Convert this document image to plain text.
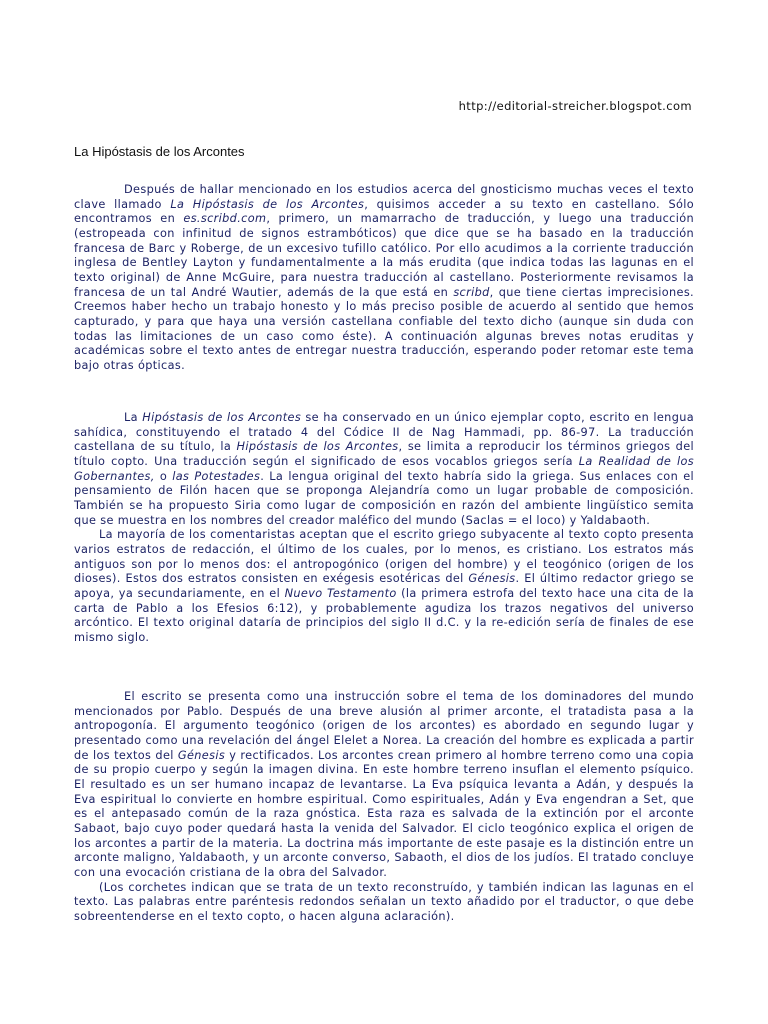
http://editorial-streicher.blogspot.com
La Hipóstasis de los Arcontes

Después de hallar mencionado en los estudios acerca del gnosticismo muchas veces el texto clave llamado La Hipóstasis de los Arcontes, quisimos acceder a su texto en castellano. Sólo encontramos en es.scribd.com, primero, un mamarracho de traducción, y luego una traducción (estropeada con infinitud de signos estrambóticos) que dice que se ha basado en la traducción francesa de Barc y Roberge, de un excesivo tufillo católico. Por ello acudimos a la corriente traducción inglesa de Bentley Layton y fundamentalmente a la más erudita (que indica todas las lagunas en el texto original) de Anne McGuire, para nuestra traducción al castellano. Posteriormente revisamos la francesa de un tal André Wautier, además de la que está en scribd, que tiene ciertas imprecisiones. Creemos haber hecho un trabajo honesto y lo más preciso posible de acuerdo al sentido que hemos capturado, y para que haya una versión castellana confiable del texto dicho (aunque sin duda con todas las limitaciones de un caso como éste). A continuación algunas breves notas eruditas y académicas sobre el texto antes de entregar nuestra traducción, esperando poder retomar este tema bajo otras ópticas.

La Hipóstasis de los Arcontes se ha conservado en un único ejemplar copto, escrito en lengua sahídica, constituyendo el tratado 4 del Códice II de Nag Hammadi, pp. 86-97. La traducción castellana de su título, la Hipóstasis de los Arcontes, se limita a reproducir los términos griegos del título copto. Una traducción según el significado de esos vocablos griegos sería La Realidad de los Gobernantes, o las Potestades. La lengua original del texto habría sido la griega. Sus enlaces con el pensamiento de Filón hacen que se proponga Alejandría como un lugar probable de composición. También se ha propuesto Siria como lugar de composición en razón del ambiente lingüístico semita que se muestra en los nombres del creador maléfico del mundo (Saclas = el loco) y Yaldabaoth.

La mayoría de los comentaristas aceptan que el escrito griego subyacente al texto copto presenta varios estratos de redacción, el último de los cuales, por lo menos, es cristiano. Los estratos más antiguos son por lo menos dos: el antropogónico (origen del hombre) y el teogónico (origen de los dioses). Estos dos estratos consisten en exégesis esotéricas del Génesis. El último redactor griego se apoya, ya secundariamente, en el Nuevo Testamento (la primera estrofa del texto hace una cita de la carta de Pablo a los Efesios 6:12), y probablemente agudiza los trazos negativos del universo arcóntico. El texto original dataría de principios del siglo II d.C. y la re-edición sería de finales de ese mismo siglo.

El escrito se presenta como una instrucción sobre el tema de los dominadores del mundo mencionados por Pablo. Después de una breve alusión al primer arconte, el tratadista pasa a la antropogonía. El argumento teogónico (origen de los arcontes) es abordado en segundo lugar y presentado como una revelación del ángel Elelet a Norea. La creación del hombre es explicada a partir de los textos del Génesis y rectificados. Los arcontes crean primero al hombre terreno como una copia de su propio cuerpo y según la imagen divina. En este hombre terreno insuflan el elemento psíquico. El resultado es un ser humano incapaz de levantarse. La Eva psíquica levanta a Adán, y después la Eva espiritual lo convierte en hombre espiritual. Como espirituales, Adán y Eva engendran a Set, que es el antepasado común de la raza gnóstica. Esta raza es salvada de la extinción por el arconte Sabaot, bajo cuyo poder quedará hasta la venida del Salvador. El ciclo teogónico explica el origen de los arcontes a partir de la materia. La doctrina más importante de este pasaje es la distinción entre un arconte maligno, Yaldabaoth, y un arconte converso, Sabaoth, el dios de los judíos. El tratado concluye con una evocación cristiana de la obra del Salvador.

(Los corchetes indican que se trata de un texto reconstruído, y también indican las lagunas en el texto. Las palabras entre paréntesis redondos señalan un texto añadido por el traductor, o que debe sobreentenderse en el texto copto, o hacen alguna aclaración).
